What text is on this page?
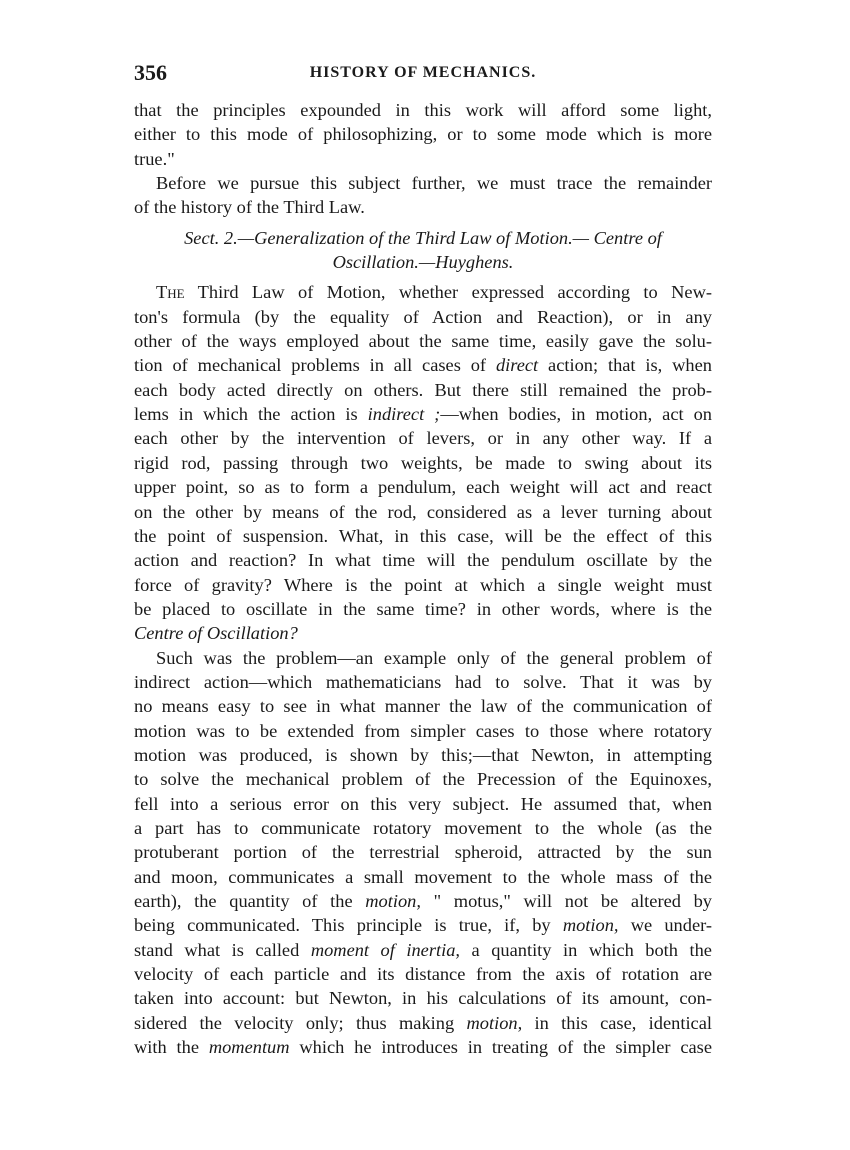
356	HISTORY OF MECHANICS.
that the principles expounded in this work will afford some light,
either to this mode of philosophizing, or to some mode which is more
true."
Before we pursue this subject further, we must trace the remainder
of the history of the Third Law.
Sect. 2.—Generalization of the Third Law of Motion.— Centre of
Oscillation.—Huyghens.
The Third Law of Motion, whether expressed according to New-
ton's formula (by the equality of Action and Reaction), or in any
other of the ways employed about the same time, easily gave the solu-
tion of mechanical problems in all cases of direct action; that is, when
each body acted directly on others. But there still remained the prob-
lems in which the action is indirect ;—when bodies, in motion, act on
each other by the intervention of levers, or in any other way. If a
rigid rod, passing through two weights, be made to swing about its
upper point, so as to form a pendulum, each weight will act and react
on the other by means of the rod, considered as a lever turning about
the point of suspension. What, in this case, will be the effect of this
action and reaction? In what time will the pendulum oscillate by the
force of gravity? Where is the point at which a single weight must
be placed to oscillate in the same time? in other words, where is the
Centre of Oscillation?
Such was the problem—an example only of the general problem of
indirect action—which mathematicians had to solve. That it was by
no means easy to see in what manner the law of the communication of
motion was to be extended from simpler cases to those where rotatory
motion was produced, is shown by this;—that Newton, in attempting
to solve the mechanical problem of the Precession of the Equinoxes,
fell into a serious error on this very subject. He assumed that, when
a part has to communicate rotatory movement to the whole (as the
protuberant portion of the terrestrial spheroid, attracted by the sun
and moon, communicates a small movement to the whole mass of the
earth), the quantity of the motion, " motus," will not be altered by
being communicated. This principle is true, if, by motion, we under-
stand what is called moment of inertia, a quantity in which both the
velocity of each particle and its distance from the axis of rotation are
taken into account: but Newton, in his calculations of its amount, con-
sidered the velocity only; thus making motion, in this case, identical
with the momentum which he introduces in treating of the simpler case
